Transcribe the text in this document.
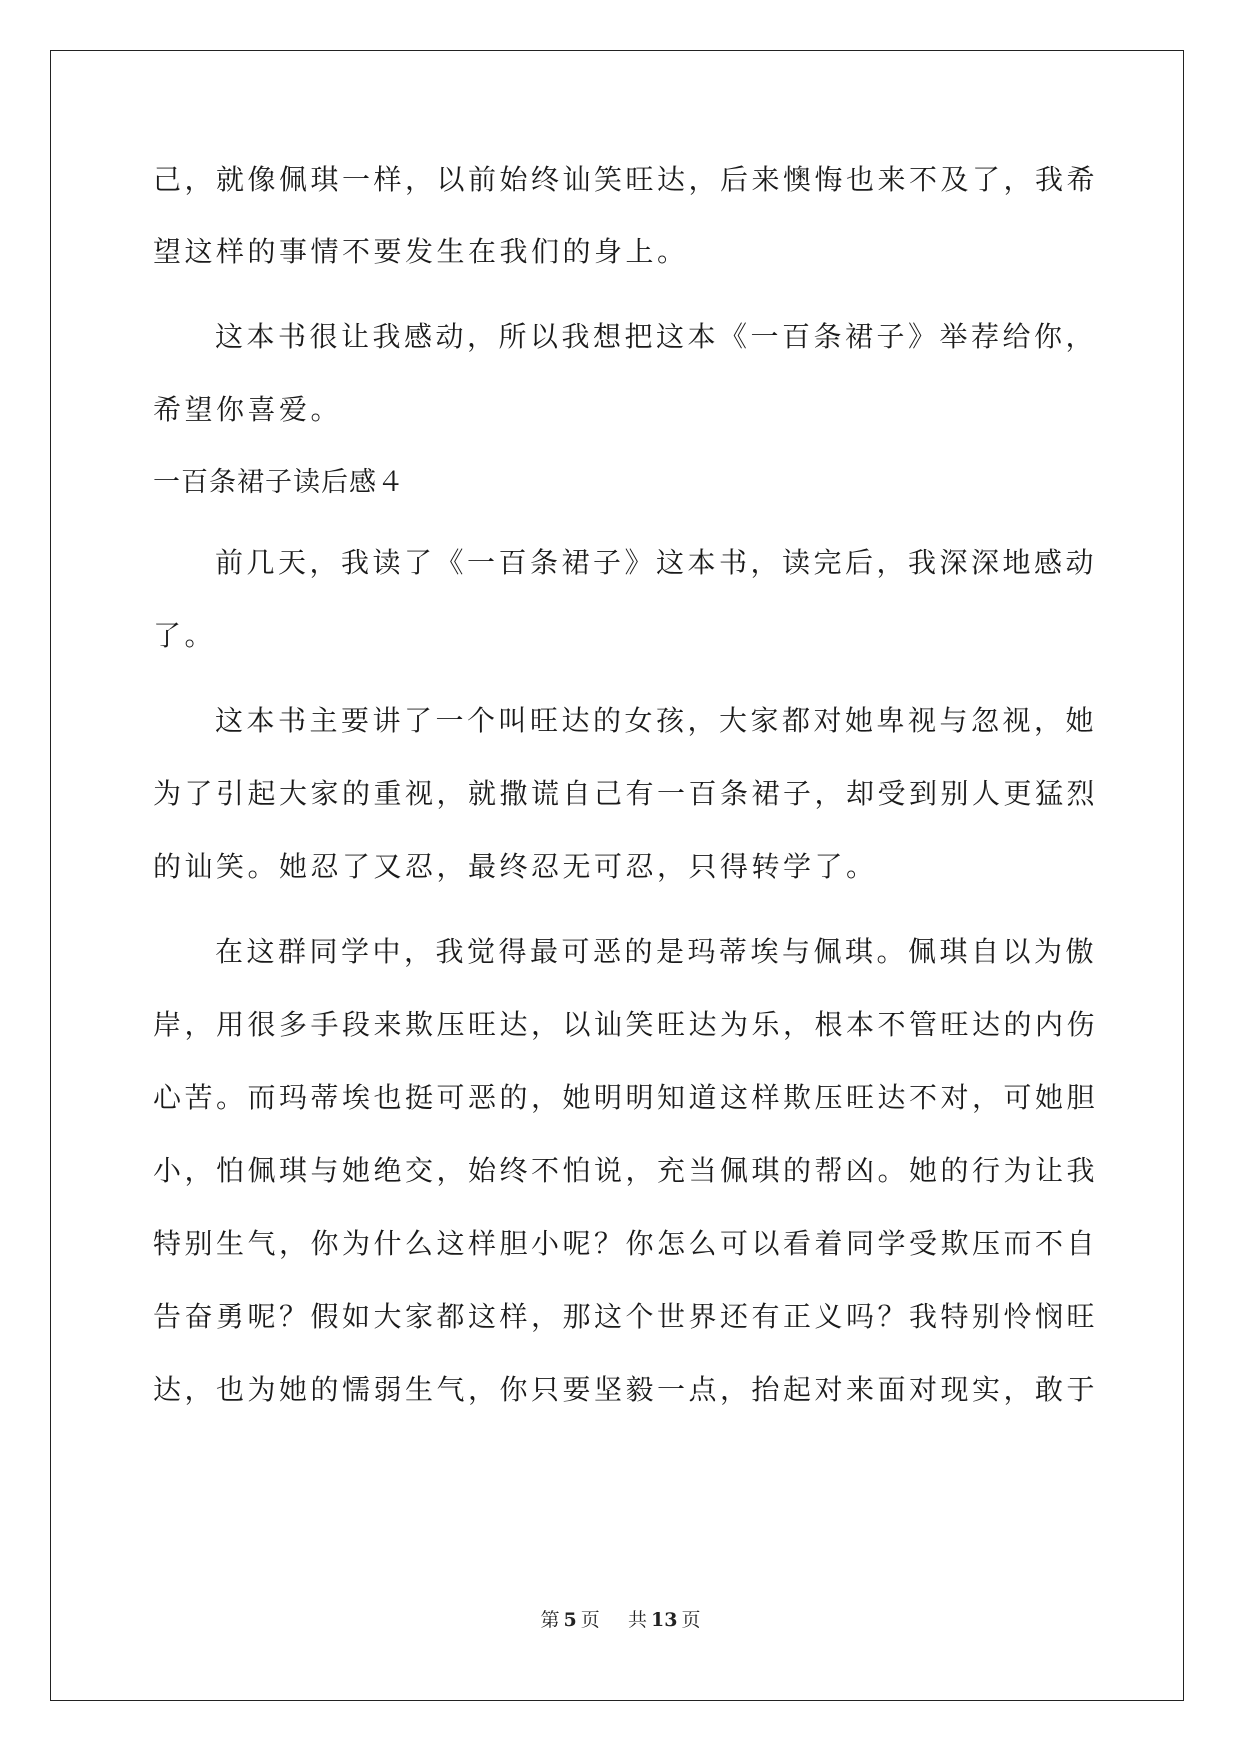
己，就像佩琪一样，以前始终讪笑旺达，后来懊悔也来不及了，我希
望这样的事情不要发生在我们的身上。
这本书很让我感动，所以我想把这本《一百条裙子》举荐给你，
希望你喜爱。
一百条裙子读后感４
前几天，我读了《一百条裙子》这本书，读完后，我深深地感动
了。
这本书主要讲了一个叫旺达的女孩，大家都对她卑视与忽视，她
为了引起大家的重视，就撒谎自己有一百条裙子，却受到别人更猛烈
的讪笑。她忍了又忍，最终忍无可忍，只得转学了。
在这群同学中，我觉得最可恶的是玛蒂埃与佩琪。佩琪自以为傲
岸，用很多手段来欺压旺达，以讪笑旺达为乐，根本不管旺达的内伤
心苦。而玛蒂埃也挺可恶的，她明明知道这样欺压旺达不对，可她胆
小，怕佩琪与她绝交，始终不怕说，充当佩琪的帮凶。她的行为让我
特别生气，你为什么这样胆小呢？你怎么可以看着同学受欺压而不自
告奋勇呢？假如大家都这样，那这个世界还有正义吗？我特别怜悯旺
达，也为她的懦弱生气，你只要坚毅一点，抬起对来面对现实，敢于
第 5 页 共 13 页
